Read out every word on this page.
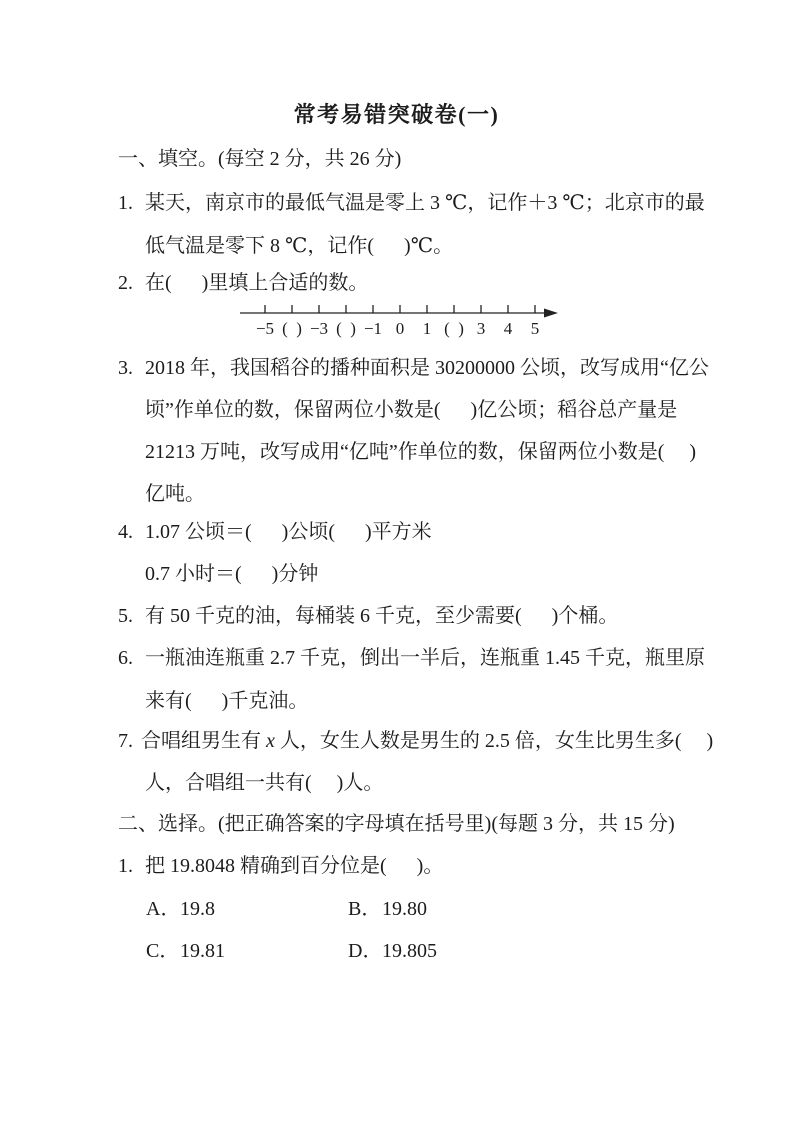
常考易错突破卷(一)
一、填空。(每空 2 分，共 26 分)
1. 某天，南京市的最低气温是零上 3 ℃，记作＋3 ℃；北京市的最
低气温是零下 8 ℃，记作(      )℃。
2. 在(      )里填上合适的数。
−5 (  ) −3 (  ) −1 0 1 (  ) 3 4 5
3. 2018 年，我国稻谷的播种面积是 30200000 公顷，改写成用“亿公
顷”作单位的数，保留两位小数是(      )亿公顷；稻谷总产量是
21213 万吨，改写成用“亿吨”作单位的数，保留两位小数是(     )
亿吨。
4. 1.07 公顷＝(      )公顷(      )平方米
0.7 小时＝(      )分钟
5. 有 50 千克的油，每桶装 6 千克，至少需要(      )个桶。
6. 一瓶油连瓶重 2.7 千克，倒出一半后，连瓶重 1.45 千克，瓶里原
来有(      )千克油。
7. 合唱组男生有 x 人，女生人数是男生的 2.5 倍，女生比男生多(     )
人，合唱组一共有(     )人。
二、选择。(把正确答案的字母填在括号里)(每题 3 分，共 15 分)
1. 把 19.8048 精确到百分位是(      )。
A．19.8	B．19.80
C．19.81	D．19.805
